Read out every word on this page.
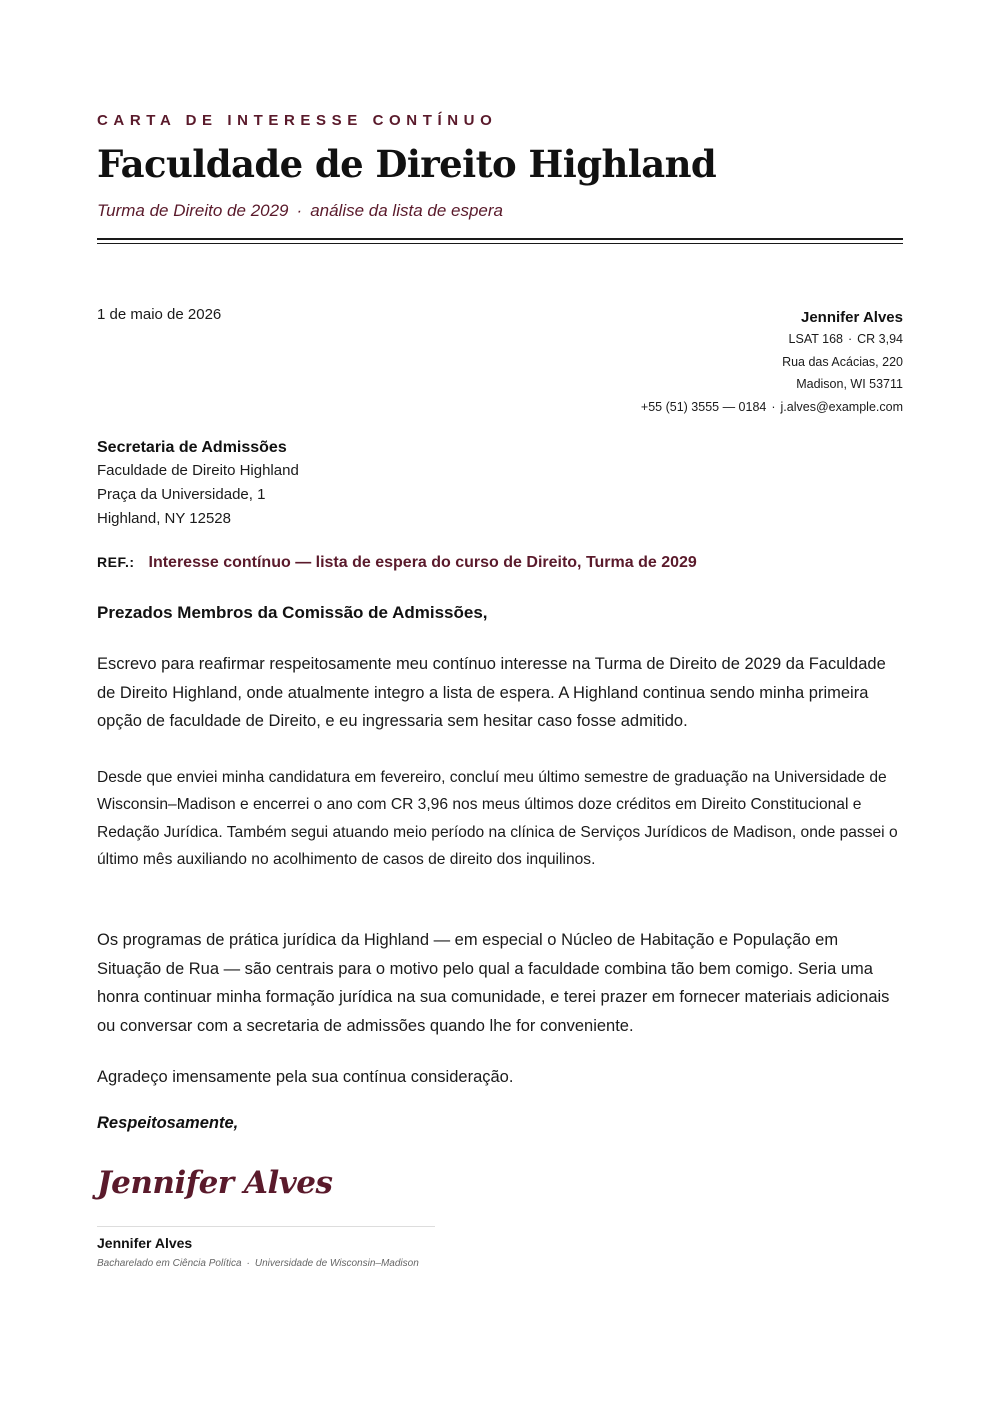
CARTA DE INTERESSE CONTÍNUO
Faculdade de Direito Highland
Turma de Direito de 2029 · análise da lista de espera
1 de maio de 2026	Jennifer Alves
LSAT 168 · CR 3,94
Rua das Acácias, 220
Madison, WI 53711
+55 (51) 3555 — 0184 · j.alves@example.com
Secretaria de Admissões
Faculdade de Direito Highland
Praça da Universidade, 1
Highland, NY 12528
REF.: Interesse contínuo — lista de espera do curso de Direito, Turma de 2029
Prezados Membros da Comissão de Admissões,

Escrevo para reafirmar respeitosamente meu contínuo interesse na Turma de Direito de 2029 da Faculdade de Direito Highland, onde atualmente integro a lista de espera. A Highland continua sendo minha primeira opção de faculdade de Direito, e eu ingressaria sem hesitar caso fosse admitido.

Desde que enviei minha candidatura em fevereiro, concluí meu último semestre de graduação na Universidade de Wisconsin–Madison e encerrei o ano com CR 3,96 nos meus últimos doze créditos em Direito Constitucional e Redação Jurídica. Também segui atuando meio período na clínica de Serviços Jurídicos de Madison, onde passei o último mês auxiliando no acolhimento de casos de direito dos inquilinos.

Os programas de prática jurídica da Highland — em especial o Núcleo de Habitação e População em Situação de Rua — são centrais para o motivo pelo qual a faculdade combina tão bem comigo. Seria uma honra continuar minha formação jurídica na sua comunidade, e terei prazer em fornecer materiais adicionais ou conversar com a secretaria de admissões quando lhe for conveniente.

Agradeço imensamente pela sua contínua consideração.

Respeitosamente,
Jennifer Alves
Jennifer Alves
Bacharelado em Ciência Política · Universidade de Wisconsin–Madison
